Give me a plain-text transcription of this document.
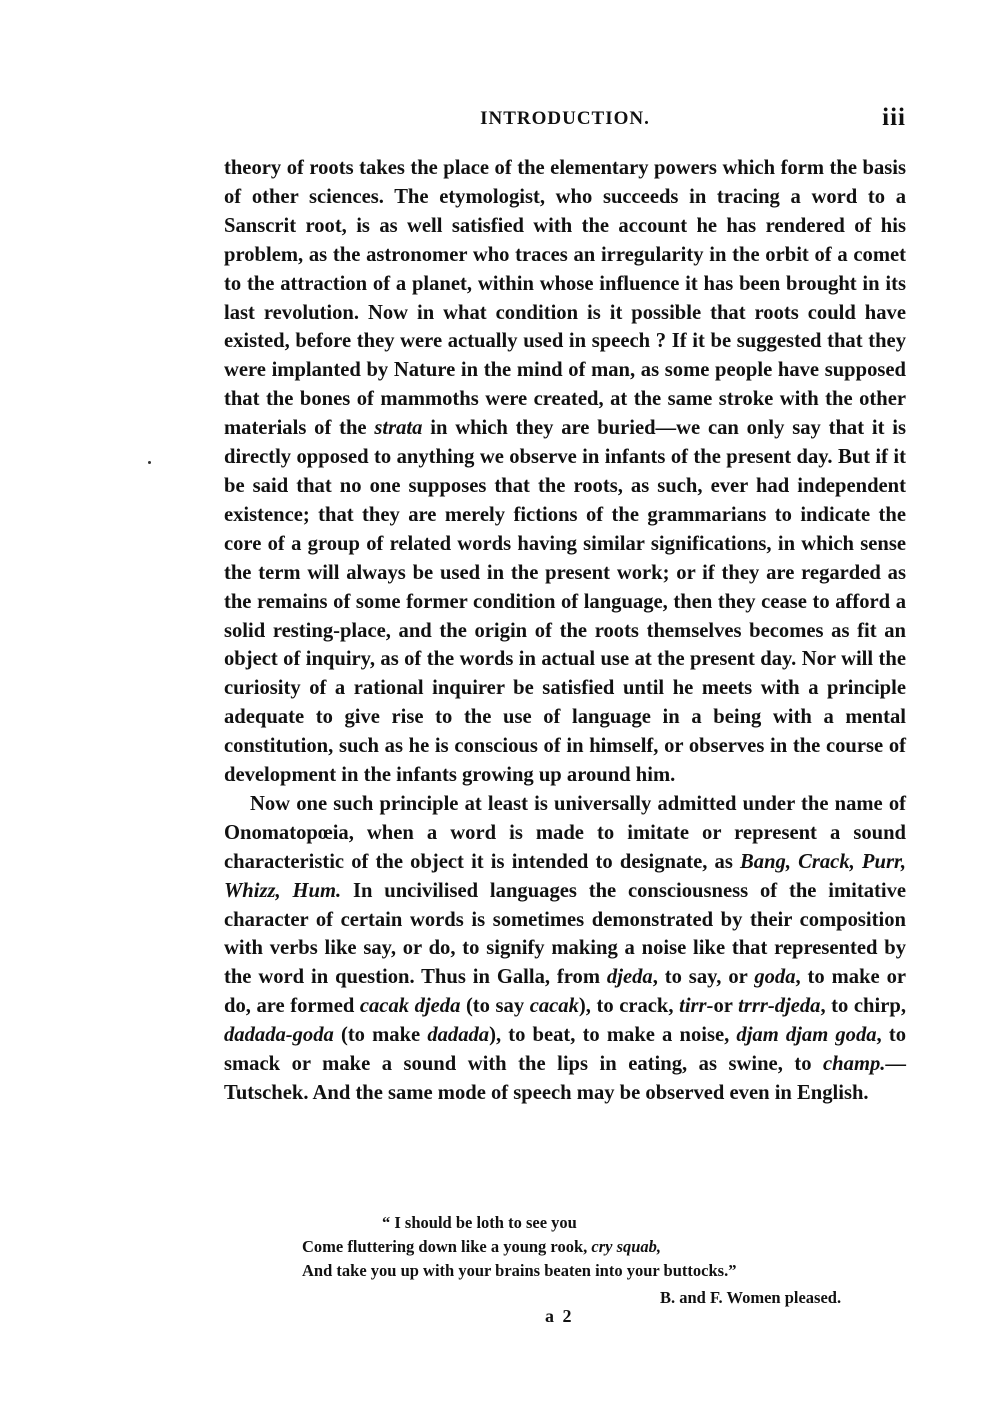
INTRODUCTION.	iii

theory of roots takes the place of the elementary powers which form the basis of other sciences. The etymologist, who succeeds in tracing a word to a Sanscrit root, is as well satisfied with the account he has rendered of his problem, as the astronomer who traces an irregularity in the orbit of a comet to the attraction of a planet, within whose influence it has been brought in its last revolution. Now in what condition is it possible that roots could have existed, before they were actually used in speech ? If it be suggested that they were implanted by Nature in the mind of man, as some people have supposed that the bones of mammoths were created, at the same stroke with the other materials of the strata in which they are buried—we can only say that it is directly opposed to anything we observe in infants of the present day. But if it be said that no one supposes that the roots, as such, ever had independent existence; that they are merely fictions of the grammarians to indicate the core of a group of related words having similar significations, in which sense the term will always be used in the present work; or if they are regarded as the remains of some former condition of language, then they cease to afford a solid resting-place, and the origin of the roots themselves becomes as fit an object of inquiry, as of the words in actual use at the present day. Nor will the curiosity of a rational inquirer be satisfied until he meets with a principle adequate to give rise to the use of language in a being with a mental constitution, such as he is conscious of in himself, or observes in the course of development in the infants growing up around him.

Now one such principle at least is universally admitted under the name of Onomatopœia, when a word is made to imitate or represent a sound characteristic of the object it is intended to designate, as Bang, Crack, Purr, Whizz, Hum. In uncivilised languages the consciousness of the imitative character of certain words is sometimes demonstrated by their composition with verbs like say, or do, to signify making a noise like that represented by the word in question. Thus in Galla, from djeda, to say, or goda, to make or do, are formed cacak djeda (to say cacak), to crack, tirr-or trrr-djeda, to chirp, dadada-goda (to make dadada), to beat, to make a noise, djam djam goda, to smack or make a sound with the lips in eating, as swine, to champ.—Tutschek. And the same mode of speech may be observed even in English.

“ I should be loth to see you
Come fluttering down like a young rook, cry squab,
And take you up with your brains beaten into your buttocks.”
B. and F. Women pleased.
a 2
